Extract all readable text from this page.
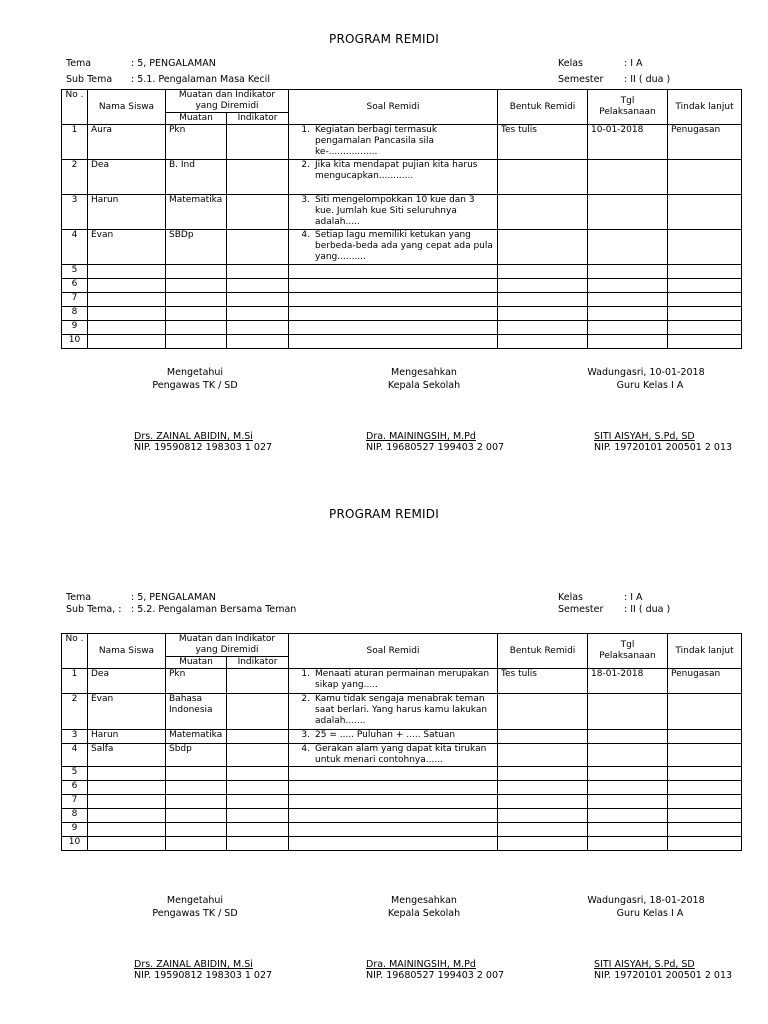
PROGRAM REMIDI
Tema	: 5, PENGALAMAN	Kelas	: I A
Sub Tema	: 5.1. Pengalaman Masa Kecil	Semester : II ( dua )
No .	Nama Siswa	Muatan dan Indikator yang Diremidi		Soal Remidi	Bentuk Remidi	Tgl Pelaksanaan	Tindak lanjut
		Muatan	Indikator				
1	Aura	Pkn		1. Kegiatan berbagi termasuk pengamalan Pancasila sila ke-.................	Tes tulis	10-01-2018	Penugasan
2	Dea	B. Ind		2. Jika kita mendapat pujian kita harus mengucapkan............			

3	Harun	Matematika		3. Siti mengelompokkan 10 kue dan 3 kue. Jumlah kue Siti seluruhnya adalah.....			

4	Evan	SBDp		4. Setiap lagu memiliki ketukan yang berbeda-beda ada yang cepat ada pula yang..........			

5							
6							
7							
8							
9							
10							
Mengetahui
Pengawas TK / SD
Mengesahkan
Kepala Sekolah
Wadungasri, 10-01-2018
Guru Kelas I A
Drs. ZAINAL ABIDIN, M.Si
NIP. 19590812 198303 1 027
Dra. MAININGSIH, M.Pd
NIP. 19680527 199403 2 007
SITI AISYAH, S.Pd, SD
NIP. 19720101 200501 2 013
PROGRAM REMIDI
Tema	: 5, PENGALAMAN	Kelas	: I A
Sub Tema, :	: 5.2. Pengalaman Bersama Teman	Semester : II ( dua )
No .	Nama Siswa	Muatan dan Indikator yang Diremidi		Soal Remidi	Bentuk Remidi	Tgl Pelaksanaan	Tindak lanjut
		Muatan	Indikator				
1	Dea	Pkn		1. Menaati aturan permainan merupakan sikap yang.....	Tes tulis	18-01-2018	Penugasan
2	Evan	Bahasa Indonesia		2. Kamu tidak sengaja menabrak teman saat berlari. Yang harus kamu lakukan adalah.......			

3	Harun	Matematika		3. 25 = ..... Puluhan + ..... Satuan			

4	Salfa	Sbdp		4. Gerakan alam yang dapat kita tirukan untuk menari contohnya......			

5							
6							
7							
8							
9							
10							
Mengetahui
Pengawas TK / SD
Mengesahkan
Kepala Sekolah
Wadungasri, 18-01-2018
Guru Kelas I A
Drs. ZAINAL ABIDIN, M.Si
NIP. 19590812 198303 1 027
Dra. MAININGSIH, M.Pd
NIP. 19680527 199403 2 007
SITI AISYAH, S.Pd, SD
NIP. 19720101 200501 2 013
